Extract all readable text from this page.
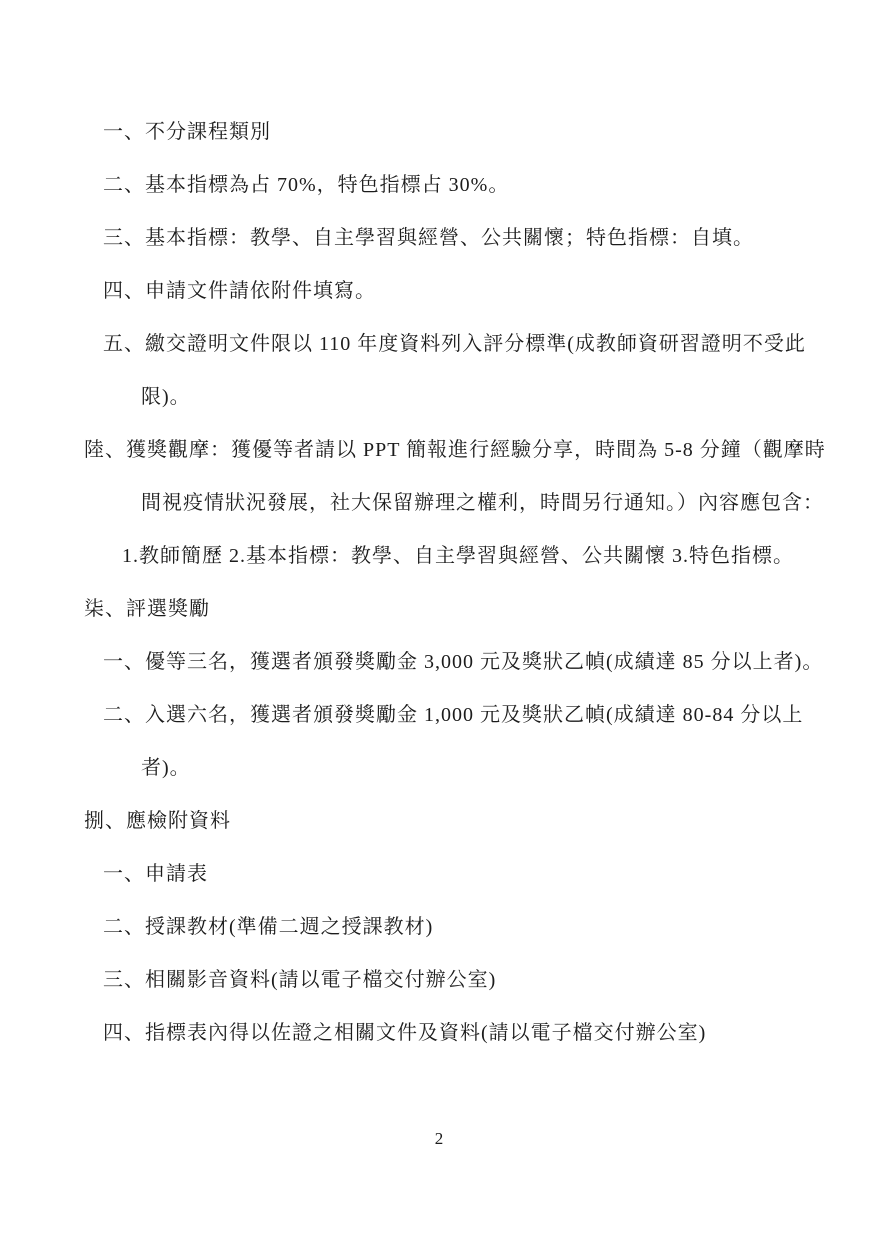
一、不分課程類別
二、基本指標為占 70%，特色指標占 30%。
三、基本指標：教學、自主學習與經營、公共關懷；特色指標：自填。
四、申請文件請依附件填寫。
五、繳交證明文件限以 110 年度資料列入評分標準(成教師資研習證明不受此
限)。
陸、獲獎觀摩：獲優等者請以 PPT 簡報進行經驗分享，時間為 5-8 分鐘（觀摩時
間視疫情狀況發展，社大保留辦理之權利，時間另行通知。）內容應包含：
1.教師簡歷 2.基本指標：教學、自主學習與經營、公共關懷 3.特色指標。
柒、評選獎勵
一、優等三名，獲選者頒發獎勵金 3,000 元及獎狀乙幀(成績達 85 分以上者)。
二、入選六名，獲選者頒發獎勵金 1,000 元及獎狀乙幀(成績達 80-84 分以上
者)。
捌、應檢附資料
一、申請表
二、授課教材(準備二週之授課教材)
三、相關影音資料(請以電子檔交付辦公室)
四、指標表內得以佐證之相關文件及資料(請以電子檔交付辦公室)
2
